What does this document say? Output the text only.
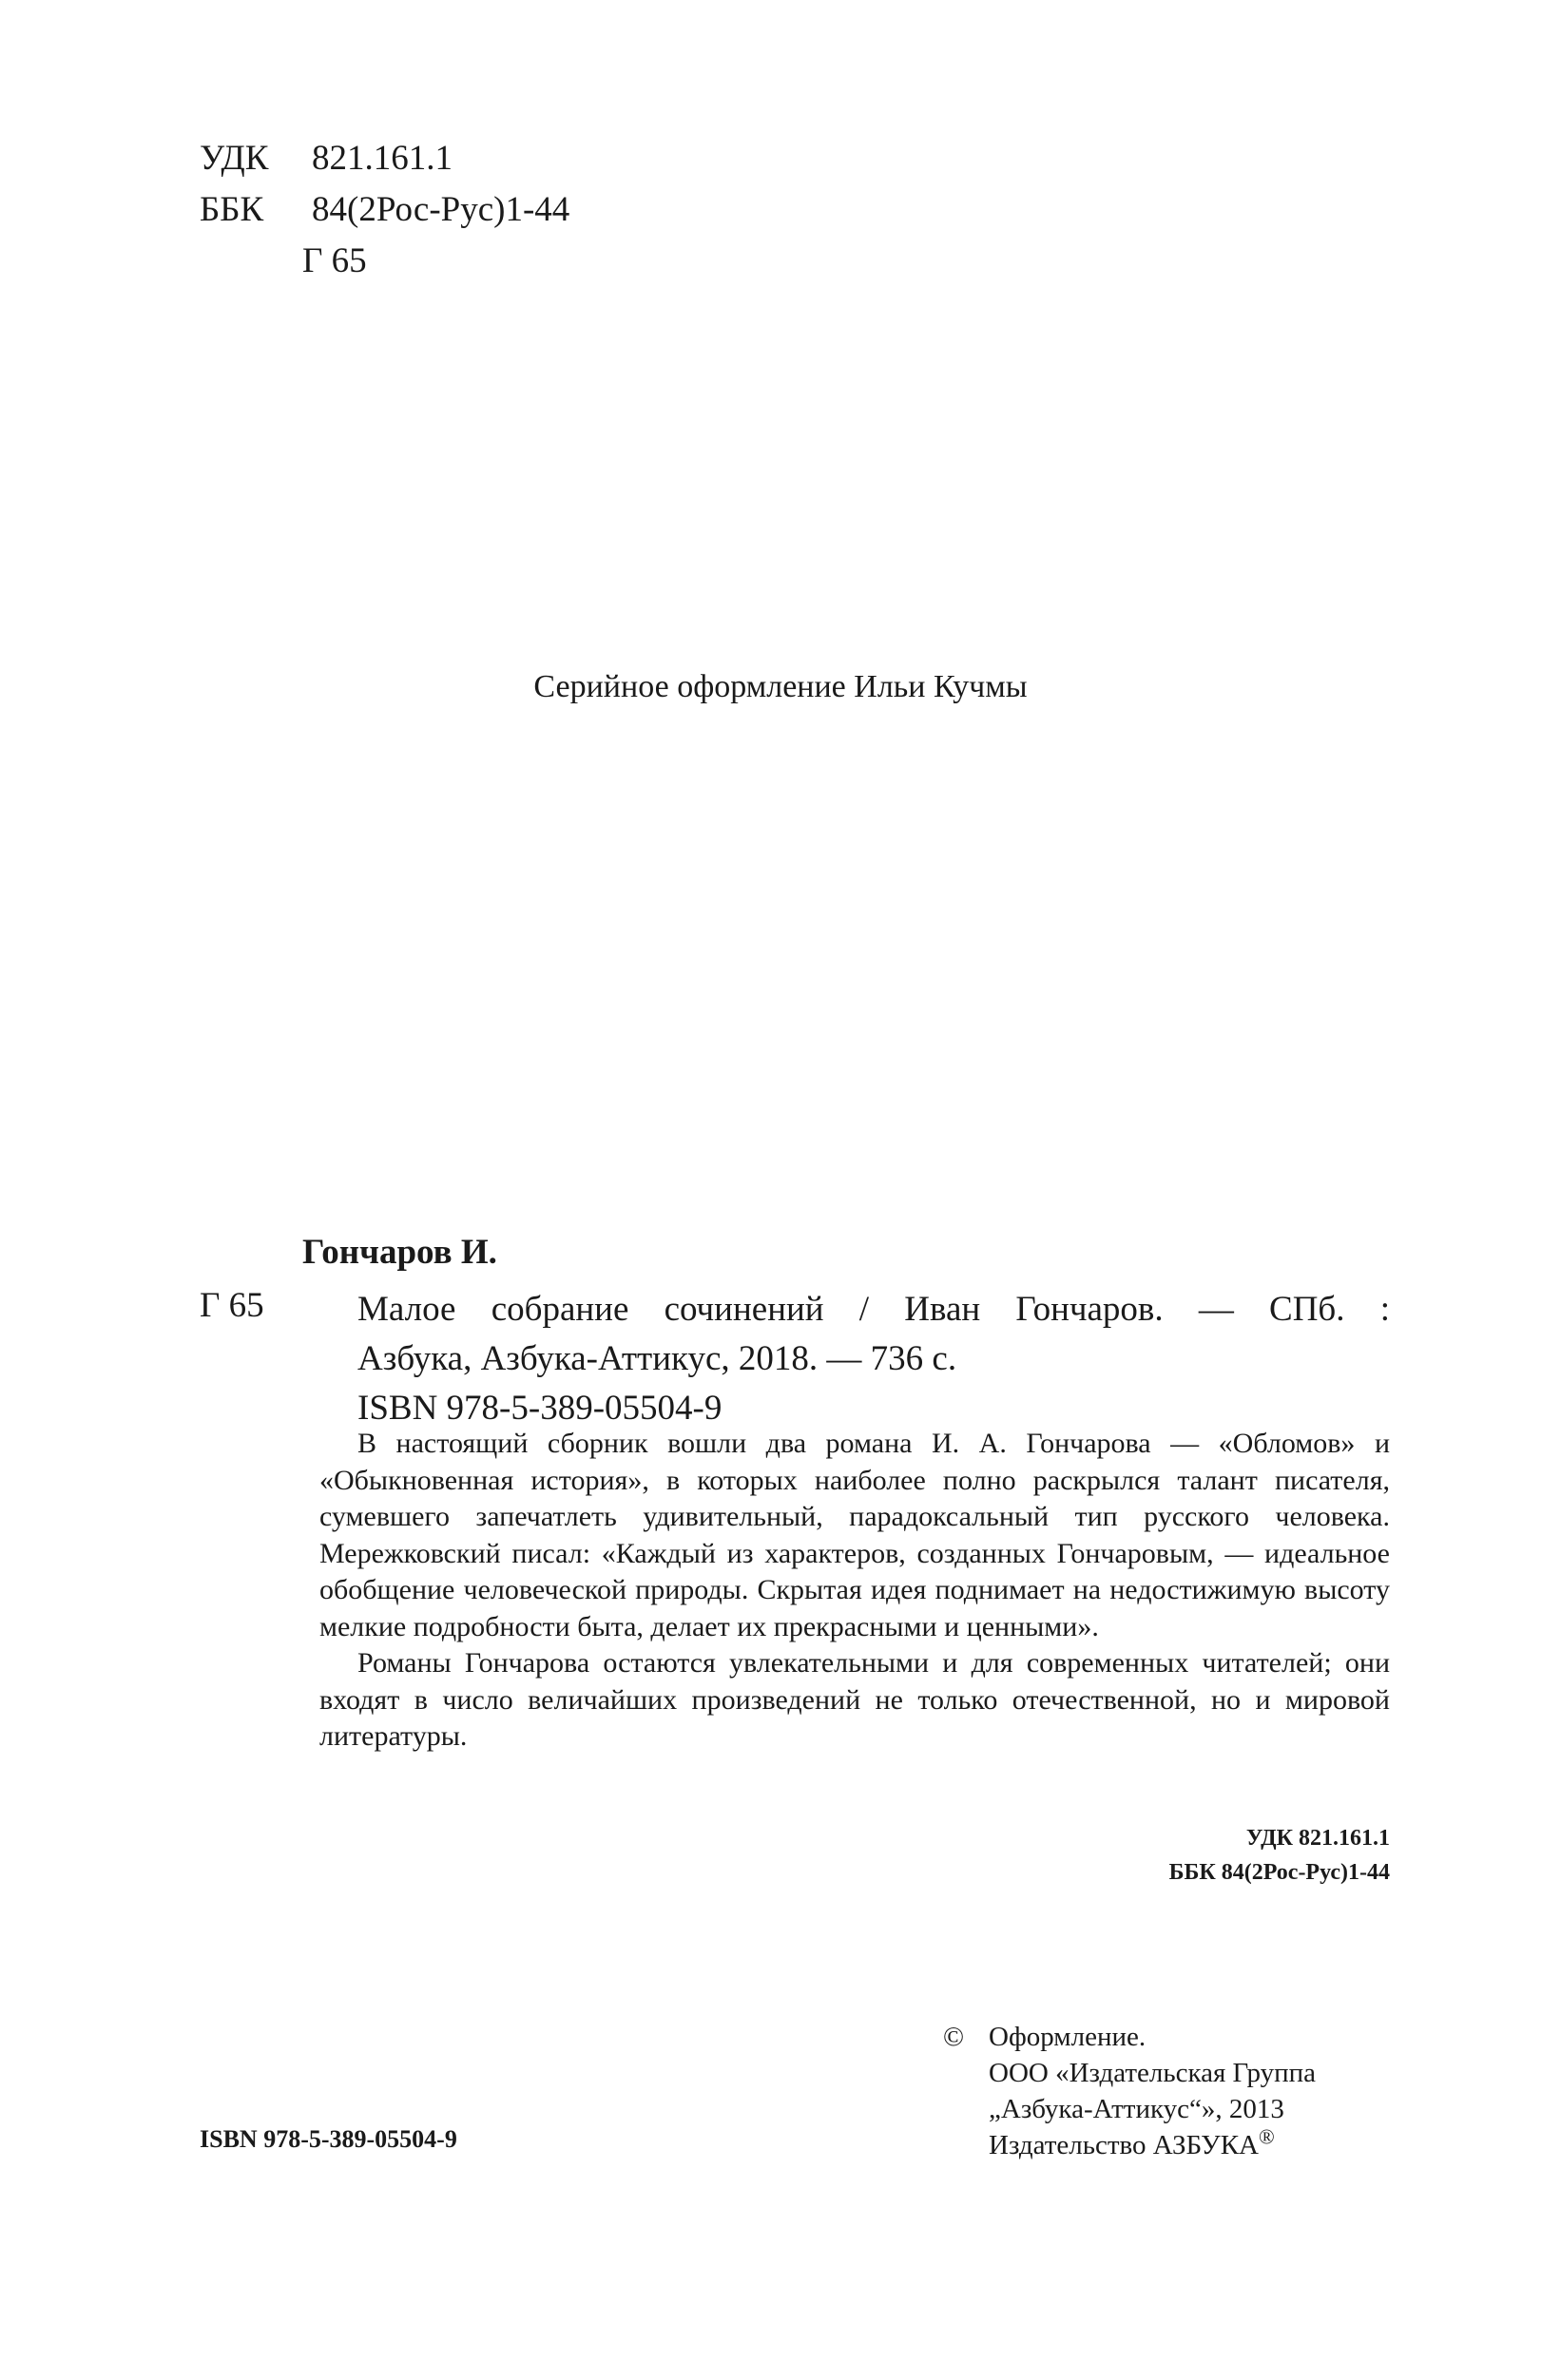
УДК	821.161.1
ББК	84(2Рос-Рус)1-44
Г 65
Серийное оформление Ильи Кучмы
Гончаров И.
Г 65	Малое собрание сочинений / Иван Гончаров. — СПб. :
Азбука, Азбука-Аттикус, 2018. — 736 с.
ISBN 978-5-389-05504-9

В настоящий сборник вошли два романа И. А. Гончарова — «Обломов» и «Обыкновенная история», в которых наиболее полно раскрылся талант писателя, сумевшего запечатлеть удивительный, парадоксальный тип русского человека. Мережковский писал: «Каждый из характеров, созданных Гончаровым, — идеальное обобщение человеческой природы. Скрытая идея поднимает на недостижимую высоту мелкие подробности быта, делает их прекрасными и ценными».

Романы Гончарова остаются увлекательными и для современных читателей; они входят в число величайших произведений не только отечественной, но и мировой литературы.

УДК 821.161.1
ББК 84(2Рос-Рус)1-44
© Оформление.
ООО «Издательская Группа
„Азбука-Аттикус“», 2013
Издательство АЗБУКА®
ISBN 978-5-389-05504-9
